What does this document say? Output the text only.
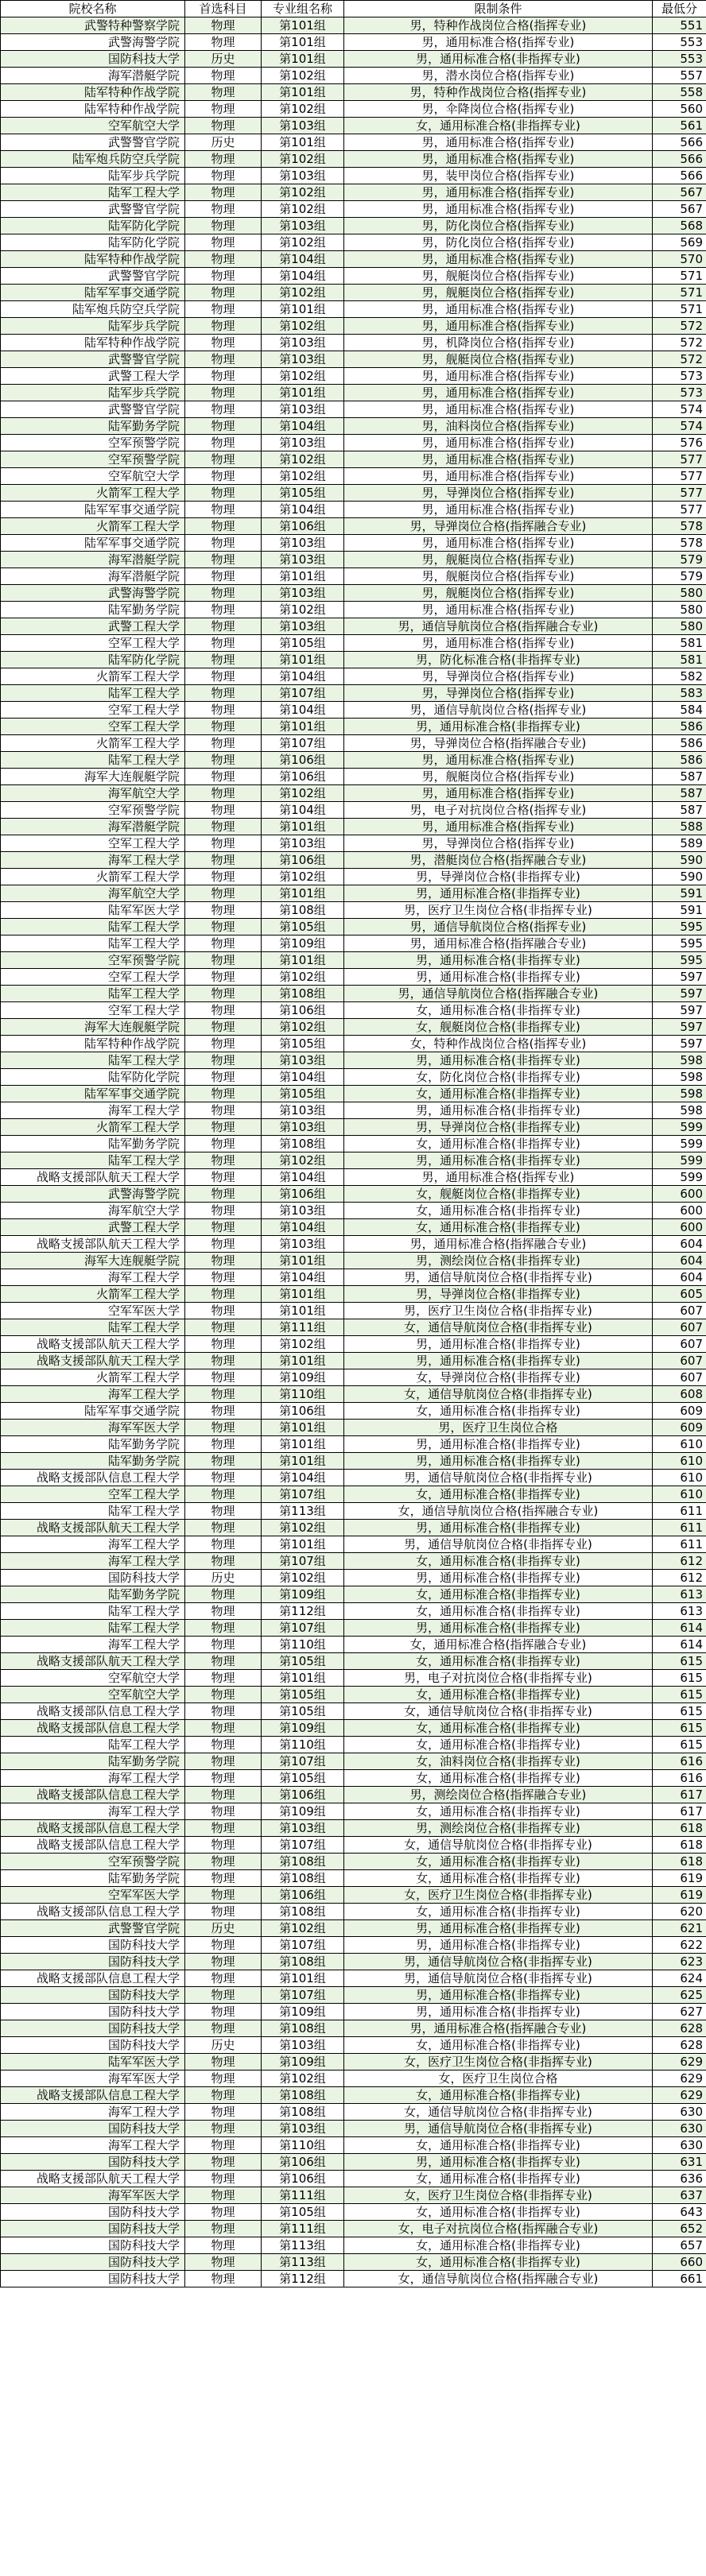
院校名称	首选科目	专业组名称	限制条件	最低分
武警特种警察学院	物理	第101组	男，特种作战岗位合格(指挥专业)	551
武警海警学院	物理	第101组	男，通用标准合格(指挥专业)	553
国防科技大学	历史	第101组	男，通用标准合格(非指挥专业)	553
海军潜艇学院	物理	第102组	男，潜水岗位合格(指挥专业)	557
陆军特种作战学院	物理	第101组	男，特种作战岗位合格(指挥专业)	558
陆军特种作战学院	物理	第102组	男，伞降岗位合格(指挥专业)	560
空军航空大学	物理	第103组	女，通用标准合格(非指挥专业)	561
武警警官学院	历史	第101组	男，通用标准合格(指挥专业)	566
陆军炮兵防空兵学院	物理	第102组	男，通用标准合格(指挥专业)	566
陆军步兵学院	物理	第103组	男，装甲岗位合格(指挥专业)	566
陆军工程大学	物理	第102组	男，通用标准合格(指挥专业)	567
武警警官学院	物理	第102组	男，通用标准合格(指挥专业)	567
陆军防化学院	物理	第103组	男，防化岗位合格(指挥专业)	568
陆军防化学院	物理	第102组	男，防化岗位合格(指挥专业)	569
陆军特种作战学院	物理	第104组	男，通用标准合格(指挥专业)	570
武警警官学院	物理	第104组	男，舰艇岗位合格(指挥专业)	571
陆军军事交通学院	物理	第102组	男，舰艇岗位合格(指挥专业)	571
陆军炮兵防空兵学院	物理	第101组	男，通用标准合格(指挥专业)	571
陆军步兵学院	物理	第102组	男，通用标准合格(指挥专业)	572
陆军特种作战学院	物理	第103组	男，机降岗位合格(指挥专业)	572
武警警官学院	物理	第103组	男，舰艇岗位合格(指挥专业)	572
武警工程大学	物理	第102组	男，通用标准合格(指挥专业)	573
陆军步兵学院	物理	第101组	男，通用标准合格(指挥专业)	573
武警警官学院	物理	第103组	男，通用标准合格(指挥专业)	574
陆军勤务学院	物理	第104组	男，油料岗位合格(指挥专业)	574
空军预警学院	物理	第103组	男，通用标准合格(指挥专业)	576
空军预警学院	物理	第102组	男，通用标准合格(指挥专业)	577
空军航空大学	物理	第102组	男，通用标准合格(指挥专业)	577
火箭军工程大学	物理	第105组	男，导弹岗位合格(指挥专业)	577
陆军军事交通学院	物理	第104组	男，通用标准合格(指挥专业)	577
火箭军工程大学	物理	第106组	男，导弹岗位合格(指挥融合专业)	578
陆军军事交通学院	物理	第103组	男，通用标准合格(指挥专业)	578
海军潜艇学院	物理	第103组	男，舰艇岗位合格(指挥专业)	579
海军潜艇学院	物理	第101组	男，舰艇岗位合格(指挥专业)	579
武警海警学院	物理	第103组	男，舰艇岗位合格(指挥专业)	580
陆军勤务学院	物理	第102组	男，通用标准合格(指挥专业)	580
武警工程大学	物理	第103组	男，通信导航岗位合格(指挥融合专业)	580
空军工程大学	物理	第105组	男，通用标准合格(指挥专业)	581
陆军防化学院	物理	第101组	男，防化标准合格(非指挥专业)	581
火箭军工程大学	物理	第104组	男，导弹岗位合格(指挥专业)	582
陆军工程大学	物理	第107组	男，导弹岗位合格(指挥专业)	583
空军工程大学	物理	第104组	男，通信导航岗位合格(指挥专业)	584
空军工程大学	物理	第101组	男，通用标准合格(非指挥专业)	586
火箭军工程大学	物理	第107组	男，导弹岗位合格(指挥融合专业)	586
陆军工程大学	物理	第106组	男，通用标准合格(指挥专业)	586
海军大连舰艇学院	物理	第106组	男，舰艇岗位合格(指挥专业)	587
海军航空大学	物理	第102组	男，通用标准合格(指挥专业)	587
空军预警学院	物理	第104组	男，电子对抗岗位合格(指挥专业)	587
海军潜艇学院	物理	第101组	男，通用标准合格(指挥专业)	588
空军工程大学	物理	第103组	男，导弹岗位合格(指挥专业)	589
海军工程大学	物理	第106组	男，潜艇岗位合格(指挥融合专业)	590
火箭军工程大学	物理	第102组	男，导弹岗位合格(非指挥专业)	590
海军航空大学	物理	第101组	男，通用标准合格(非指挥专业)	591
陆军军医大学	物理	第108组	男，医疗卫生岗位合格(非指挥专业)	591
陆军工程大学	物理	第105组	男，通信导航岗位合格(指挥专业)	595
陆军工程大学	物理	第109组	男，通用标准合格(指挥融合专业)	595
空军预警学院	物理	第101组	男，通用标准合格(非指挥专业)	595
空军工程大学	物理	第102组	男，通用标准合格(非指挥专业)	597
陆军工程大学	物理	第108组	男，通信导航岗位合格(指挥融合专业)	597
空军工程大学	物理	第106组	女，通用标准合格(非指挥专业)	597
海军大连舰艇学院	物理	第102组	女，舰艇岗位合格(非指挥专业)	597
陆军特种作战学院	物理	第105组	女，特种作战岗位合格(指挥专业)	597
陆军工程大学	物理	第103组	男，通用标准合格(非指挥专业)	598
陆军防化学院	物理	第104组	女，防化岗位合格(非指挥专业)	598
陆军军事交通学院	物理	第105组	女，通用标准合格(非指挥专业)	598
海军工程大学	物理	第103组	男，通用标准合格(非指挥专业)	598
火箭军工程大学	物理	第103组	男，导弹岗位合格(非指挥专业)	599
陆军勤务学院	物理	第108组	女，通用标准合格(非指挥专业)	599
陆军工程大学	物理	第102组	男，通用标准合格(非指挥专业)	599
战略支援部队航天工程大学	物理	第104组	男，通用标准合格(指挥专业)	599
武警海警学院	物理	第106组	女，舰艇岗位合格(非指挥专业)	600
海军航空大学	物理	第103组	女，通用标准合格(非指挥专业)	600
武警工程大学	物理	第104组	女，通用标准合格(非指挥专业)	600
战略支援部队航天工程大学	物理	第103组	男，通用标准合格(指挥融合专业)	604
海军大连舰艇学院	物理	第101组	男，测绘岗位合格(非指挥专业)	604
海军工程大学	物理	第104组	男，通信导航岗位合格(非指挥专业)	604
火箭军工程大学	物理	第101组	男，导弹岗位合格(非指挥专业)	605
空军军医大学	物理	第101组	男，医疗卫生岗位合格(非指挥专业)	607
陆军工程大学	物理	第111组	女，通信导航岗位合格(非指挥专业)	607
战略支援部队航天工程大学	物理	第102组	男，通用标准合格(非指挥专业)	607
战略支援部队航天工程大学	物理	第101组	男，通用标准合格(非指挥专业)	607
火箭军工程大学	物理	第109组	女，导弹岗位合格(非指挥专业)	607
海军工程大学	物理	第110组	女，通信导航岗位合格(非指挥专业)	608
陆军军事交通学院	物理	第106组	女，通用标准合格(非指挥专业)	609
海军军医大学	物理	第101组	男，医疗卫生岗位合格	609
陆军勤务学院	物理	第101组	男，通用标准合格(非指挥专业)	610
陆军勤务学院	物理	第101组	男，通用标准合格(非指挥专业)	610
战略支援部队信息工程大学	物理	第104组	男，通信导航岗位合格(非指挥专业)	610
空军工程大学	物理	第107组	女，通用标准合格(非指挥专业)	610
陆军工程大学	物理	第113组	女，通信导航岗位合格(指挥融合专业)	611
战略支援部队航天工程大学	物理	第102组	男，通用标准合格(非指挥专业)	611
海军工程大学	物理	第101组	男，通信导航岗位合格(非指挥专业)	611
海军工程大学	物理	第107组	女，通用标准合格(非指挥专业)	612
国防科技大学	历史	第102组	男，通用标准合格(非指挥专业)	612
陆军勤务学院	物理	第109组	女，通用标准合格(非指挥专业)	613
陆军工程大学	物理	第112组	女，通用标准合格(非指挥专业)	613
陆军工程大学	物理	第107组	男，通用标准合格(非指挥专业)	614
海军工程大学	物理	第110组	女，通用标准合格(指挥融合专业)	614
战略支援部队航天工程大学	物理	第105组	女，通用标准合格(非指挥专业)	615
空军航空大学	物理	第101组	男，电子对抗岗位合格(非指挥专业)	615
空军航空大学	物理	第105组	女，通用标准合格(非指挥专业)	615
战略支援部队信息工程大学	物理	第105组	女，通信导航岗位合格(非指挥专业)	615
战略支援部队信息工程大学	物理	第109组	女，通用标准合格(非指挥专业)	615
陆军工程大学	物理	第110组	女，通用标准合格(非指挥专业)	615
陆军勤务学院	物理	第107组	女，油料岗位合格(非指挥专业)	616
海军工程大学	物理	第105组	女，通用标准合格(非指挥专业)	616
战略支援部队信息工程大学	物理	第106组	男，测绘岗位合格(指挥融合专业)	617
海军工程大学	物理	第109组	女，通用标准合格(非指挥专业)	617
战略支援部队信息工程大学	物理	第103组	男，测绘岗位合格(非指挥专业)	618
战略支援部队信息工程大学	物理	第107组	女，通信导航岗位合格(非指挥专业)	618
空军预警学院	物理	第108组	女，通用标准合格(非指挥专业)	618
陆军勤务学院	物理	第108组	女，通用标准合格(非指挥专业)	619
空军军医大学	物理	第106组	女，医疗卫生岗位合格(非指挥专业)	619
战略支援部队信息工程大学	物理	第108组	女，通用标准合格(非指挥专业)	620
武警警官学院	历史	第102组	男，通用标准合格(非指挥专业)	621
国防科技大学	物理	第107组	男，通用标准合格(非指挥专业)	622
国防科技大学	物理	第108组	男，通信导航岗位合格(非指挥专业)	623
战略支援部队信息工程大学	物理	第101组	男，通信导航岗位合格(非指挥专业)	624
国防科技大学	物理	第107组	男，通用标准合格(非指挥专业)	625
国防科技大学	物理	第109组	男，通用标准合格(非指挥专业)	627
国防科技大学	物理	第108组	男，通用标准合格(指挥融合专业)	628
国防科技大学	历史	第103组	女，通用标准合格(非指挥专业)	628
陆军军医大学	物理	第109组	女，医疗卫生岗位合格(非指挥专业)	629
海军军医大学	物理	第102组	女，医疗卫生岗位合格	629
战略支援部队信息工程大学	物理	第108组	女，通用标准合格(非指挥专业)	629
海军工程大学	物理	第108组	女，通信导航岗位合格(非指挥专业)	630
国防科技大学	物理	第103组	男，通信导航岗位合格(非指挥专业)	630
海军工程大学	物理	第110组	女，通用标准合格(非指挥专业)	630
国防科技大学	物理	第106组	男，通用标准合格(非指挥专业)	631
战略支援部队航天工程大学	物理	第106组	女，通用标准合格(非指挥专业)	636
海军军医大学	物理	第111组	女，医疗卫生岗位合格(非指挥专业)	637
国防科技大学	物理	第105组	女，通用标准合格(非指挥专业)	643
国防科技大学	物理	第111组	女，电子对抗岗位合格(指挥融合专业)	652
国防科技大学	物理	第113组	女，通用标准合格(非指挥专业)	657
国防科技大学	物理	第113组	女，通用标准合格(非指挥专业)	660
国防科技大学	物理	第112组	女，通信导航岗位合格(指挥融合专业)	661
